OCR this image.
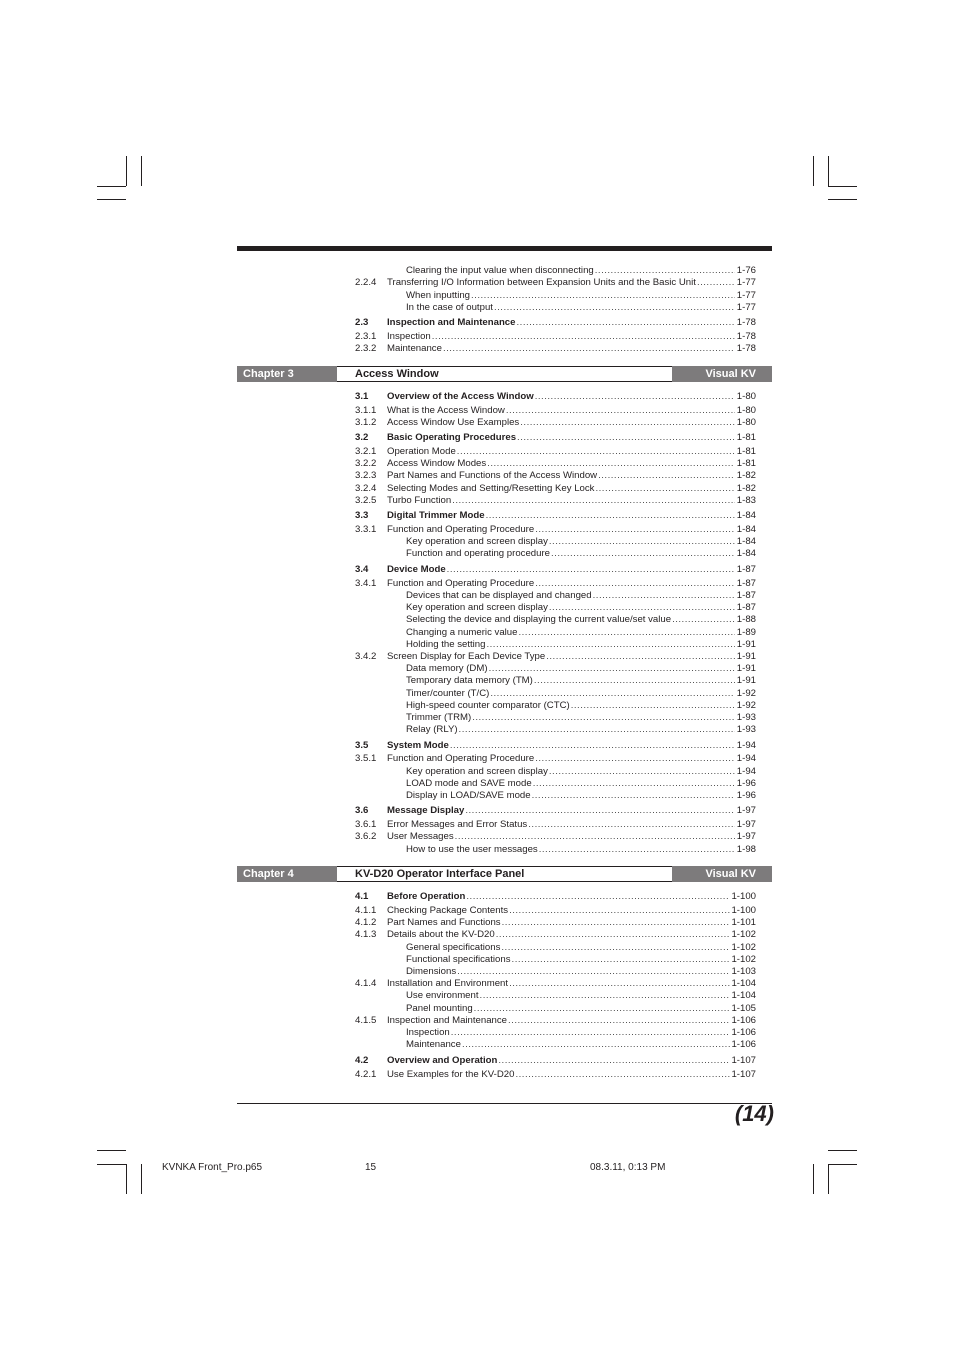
Clearing the input value when disconnecting .....	1-76
2.2.4 Transferring I/O Information between Expansion Units and the Basic Unit .....	1-77
When inputting .....	1-77
In the case of output .....	1-77
2.3 Inspection and Maintenance .....	1-78
2.3.1 Inspection .....	1-78
2.3.2 Maintenance .....	1-78
3.1 Overview of the Access Window .....	1-80
3.1.1 What is the Access Window .....	1-80
3.1.2 Access Window Use Examples .....	1-80
3.2 Basic Operating Procedures .....	1-81
3.2.1 Operation Mode .....	1-81
3.2.2 Access Window Modes .....	1-81
3.2.3 Part Names and Functions of the Access Window .....	1-82
3.2.4 Selecting Modes and Setting/Resetting Key Lock .....	1-82
3.2.5 Turbo Function .....	1-83
3.3 Digital Trimmer Mode .....	1-84
3.3.1 Function and Operating Procedure .....	1-84
Key operation and screen display .....	1-84
Function and operating procedure .....	1-84
3.4 Device Mode .....	1-87
3.4.1 Function and Operating Procedure .....	1-87
Devices that can be displayed and changed .....	1-87
Key operation and screen display .....	1-87
Selecting the device and displaying the current value/set value .....	1-88
Changing a numeric value .....	1-89
Holding the setting .....	1-91
3.4.2 Screen Display for Each Device Type .....	1-91
Data memory (DM) .....	1-91
Temporary data memory (TM) .....	1-91
Timer/counter (T/C) .....	1-92
High-speed counter comparator (CTC) .....	1-92
Trimmer (TRM) .....	1-93
Relay (RLY) .....	1-93
3.5 System Mode .....	1-94
3.5.1 Function and Operating Procedure .....	1-94
Key operation and screen display .....	1-94
LOAD mode and SAVE mode .....	1-96
Display in LOAD/SAVE mode .....	1-96
3.6 Message Display .....	1-97
3.6.1 Error Messages and Error Status .....	1-97
3.6.2 User Messages .....	1-97
How to use the user messages .....	1-98
4.1 Before Operation .....	1-100
4.1.1 Checking Package Contents .....	1-100
4.1.2 Part Names and Functions .....	1-101
4.1.3 Details about the KV-D20 .....	1-102
General specifications .....	1-102
Functional specifications .....	1-102
Dimensions .....	1-103
4.1.4 Installation and Environment .....	1-104
Use environment .....	1-104
Panel mounting .....	1-105
4.1.5 Inspection and Maintenance .....	1-106
Inspection .....	1-106
Maintenance .....	1-106
4.2 Overview and Operation .....	1-107
4.2.1 Use Examples for the KV-D20 .....	1-107
Chapter 3	Access Window	Visual KV
Chapter 4	KV-D20 Operator Interface Panel	Visual KV
(14)
KVNKA Front_Pro.p65	15	08.3.11, 0:13 PM
